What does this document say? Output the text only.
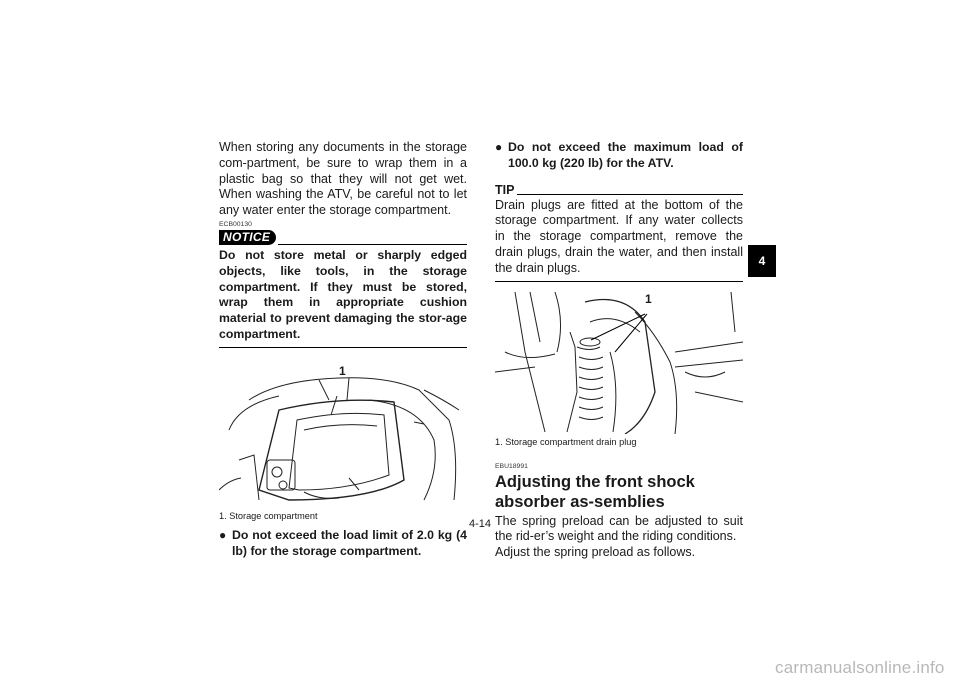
When storing any documents in the storage com-partment, be sure to wrap them in a plastic bag so that they will not get wet. When washing the ATV, be careful not to let any water enter the storage compartment.

ECB00130

NOTICE

Do not store metal or sharply edged objects, like tools, in the storage compartment. If they must be stored, wrap them in appropriate cushion material to prevent damaging the stor-age compartment.

1

1. Storage compartment

● Do not exceed the load limit of 2.0 kg (4 lb) for the storage compartment.

● Do not exceed the maximum load of 100.0 kg (220 lb) for the ATV.

TIP

Drain plugs are fitted at the bottom of the storage compartment. If any water collects in the storage compartment, remove the drain plugs, drain the water, and then install the drain plugs.

1

1. Storage compartment drain plug

EBU18991

Adjusting the front shock absorber as-semblies

The spring preload can be adjusted to suit the rid-er’s weight and the riding conditions.

Adjust the spring preload as follows.

4
4-14
carmanualsonline.info
